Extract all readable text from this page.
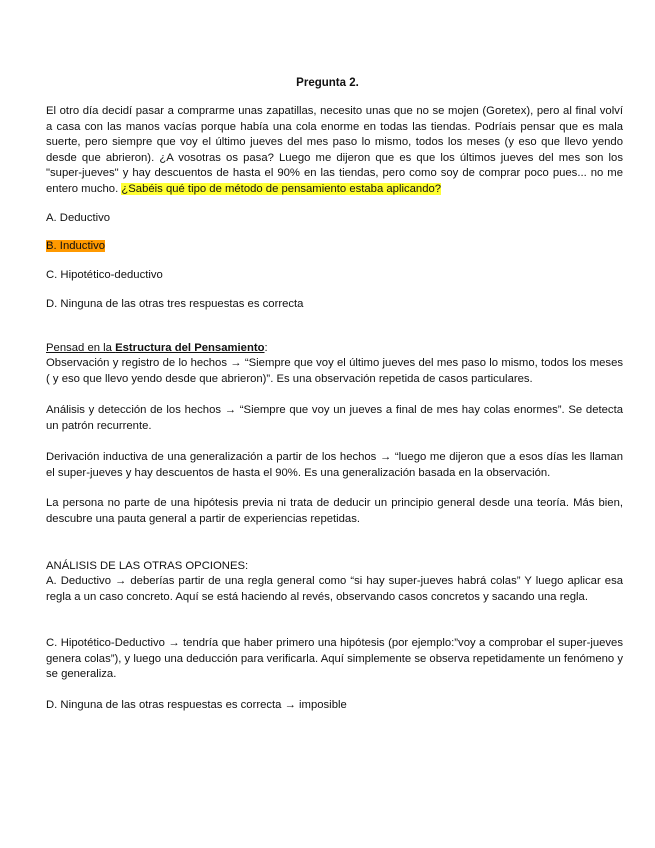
Pregunta 2.

El otro día decidí pasar a comprarme unas zapatillas, necesito unas que no se mojen (Goretex), pero al final volví a casa con las manos vacías porque había una cola enorme en todas las tiendas. Podríais pensar que es mala suerte, pero siempre que voy el último jueves del mes paso lo mismo, todos los meses (y eso que llevo yendo desde que abrieron). ¿A vosotras os pasa? Luego me dijeron que es que los últimos jueves del mes son los "super-jueves" y hay descuentos de hasta el 90% en las tiendas, pero como soy de comprar poco pues... no me entero mucho. ¿Sabéis qué tipo de método de pensamiento estaba aplicando?

A. Deductivo
B. Inductivo
C. Hipotético-deductivo
D. Ninguna de las otras tres respuestas es correcta
Pensad en la Estructura del Pensamiento:

Observación y registro de lo hechos → “Siempre que voy el último jueves del mes paso lo mismo, todos los meses ( y eso que llevo yendo desde que abrieron)”. Es una observación repetida de casos particulares.

Análisis y detección de los hechos → “Siempre que voy un jueves a final de mes hay colas enormes”. Se detecta un patrón recurrente.

Derivación inductiva de una generalización a partir de los hechos → “luego me dijeron que a esos días les llaman el super-jueves y hay descuentos de hasta el 90%. Es una generalización basada en la observación.

La persona no parte de una hipótesis previa ni trata de deducir un principio general desde una teoría. Más bien, descubre una pauta general a partir de experiencias repetidas.

ANÁLISIS DE LAS OTRAS OPCIONES:

A. Deductivo → deberías partir de una regla general como “si hay super-jueves habrá colas” Y luego aplicar esa regla a un caso concreto. Aquí se está haciendo al revés, observando casos concretos y sacando una regla.

C. Hipotético-Deductivo → tendría que haber primero una hipótesis (por ejemplo:”voy a comprobar el super-jueves genera colas”), y luego una deducción para verificarla. Aquí simplemente se observa repetidamente un fenómeno y se generaliza.

D. Ninguna de las otras respuestas es correcta → imposible
